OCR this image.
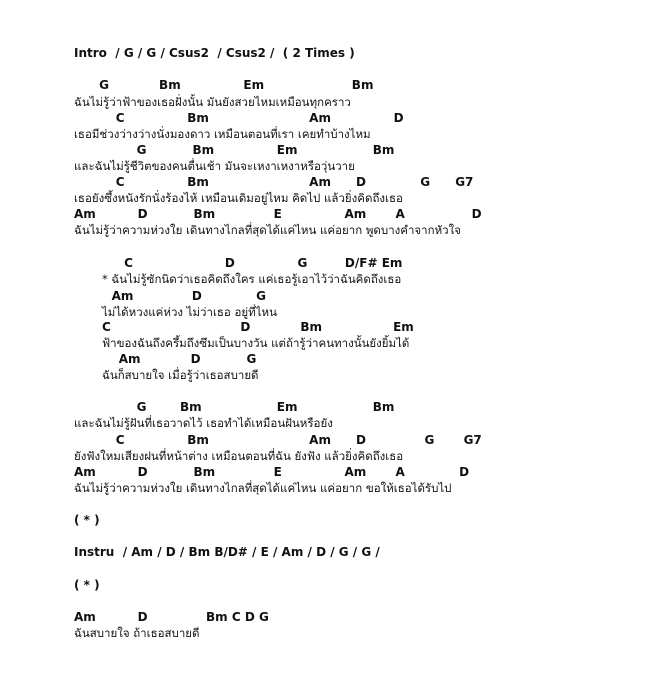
Intro  / G / G / Csus2  / Csus2 /  ( 2 Times )
G            Bm               Em                     Bm
ฉันไม่รู้ว่าฟ้าของเธอฝั่งนั้น มันยังสวยไหมเหมือนทุกคราว
C               Bm                        Am               D
เธอมีช่วงว่างว่างนั่งมองดาว เหมือนตอนที่เรา เคยทำบ้างไหม
G           Bm               Em                  Bm
และฉันไม่รู้ชีวิตของคนตื่นเช้า มันจะเหงาเหงาหรือวุ่นวาย
C               Bm                        Am      D             G      G7
เธอยังซึ้งหนังรักนั่งร้องไห้ เหมือนเดิมอยู่ไหม คิดไป แล้วยิ่งคิดถึงเธอ
Am          D           Bm              E               Am       A                D
ฉันไม่รู้ว่าความห่วงใย เดินทางไกลที่สุดได้แค่ไหน แค่อยาก พูดบางคำจากหัวใจ
C                      D               G         D/F# Em
* ฉันไม่รู้ซักนิดว่าเธอคิดถึงใคร แค่เธอรู้เอาไว้ว่าฉันคิดถึงเธอ
Am              D             G
ไม่ได้หวงแค่ห่วง ไม่ว่าเธอ อยู่ที่ไหน
C                               D            Bm                 Em
ฟ้าของฉันถึงครึ้มถึงซึมเป็นบางวัน แต่ถ้ารู้ว่าคนทางนั้นยังยิ้มได้
Am            D           G
ฉันก็สบายใจ เมื่อรู้ว่าเธอสบายดี
G        Bm                  Em                  Bm
และฉันไม่รู้ฝันที่เธอวาดไว้ เธอทำได้เหมือนฝันหรือยัง
C               Bm                        Am      D              G       G7
ยังฟังใหมเสียงฝนที่หน้าต่าง เหมือนตอนที่ฉัน ยังฟัง แล้วยิ่งคิดถึงเธอ
Am          D           Bm              E               Am       A             D
ฉันไม่รู้ว่าความห่วงใย เดินทางไกลที่สุดได้แค่ไหน แค่อยาก ขอให้เธอได้รับไป
( * )
Instru  / Am / D / Bm B/D# / E / Am / D / G / G /
( * )
Am          D              Bm C D G
ฉันสบายใจ ถ้าเธอสบายดี
